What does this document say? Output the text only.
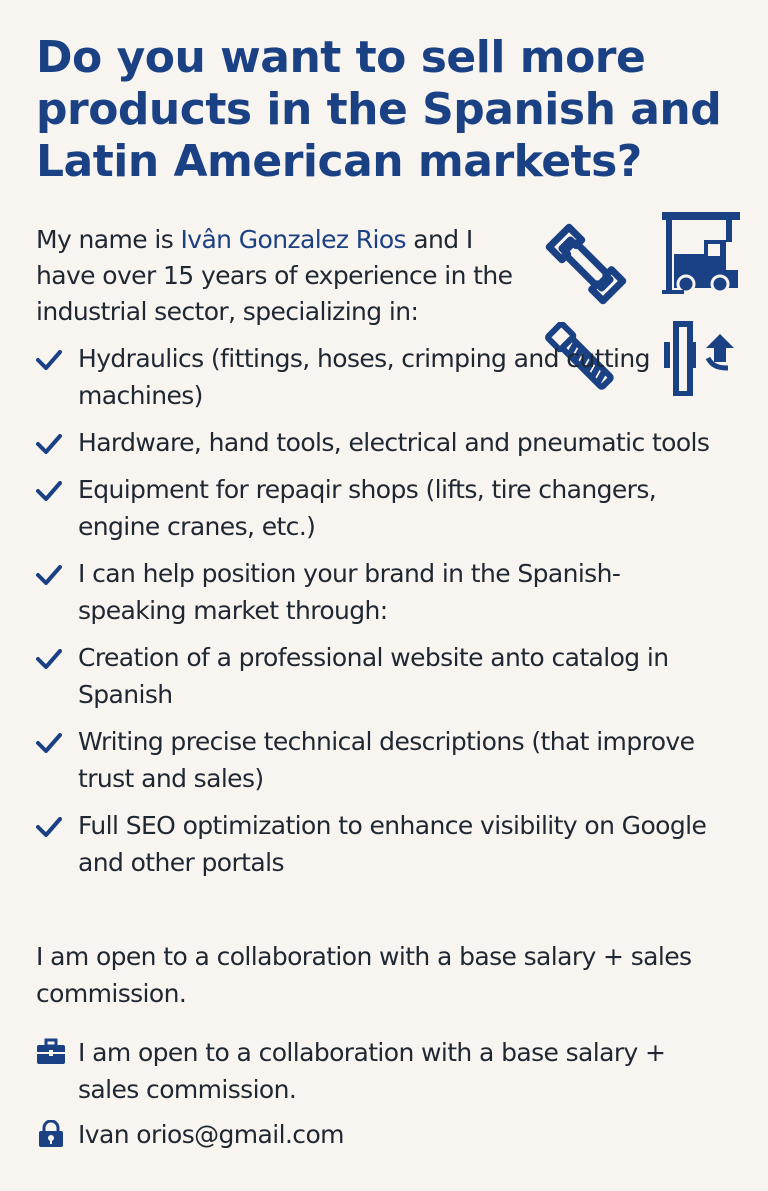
Do you want to sell more products in the Spanish and Latin American markets?

My name is Ivân Gonzalez Rios and I have over 15 years of experience in the industrial sector, specializing in:

Hydraulics (fittings, hoses, crimping and cutting machines)
Hardware, hand tools, electrical and pneumatic tools
Equipment for repaqir shops (lifts, tire changers, engine cranes, etc.)
I can help position your brand in the Spanish-speaking market through:
Creation of a professional website anto catalog in Spanish
Writing precise technical descriptions (that improve trust and sales)
Full SEO optimization to enhance visibility on Google and other portals

I am open to a collaboration with a base salary + sales commission.

I am open to a collaboration with a base salary + sales commission.
Ivan orios@gmail.com
